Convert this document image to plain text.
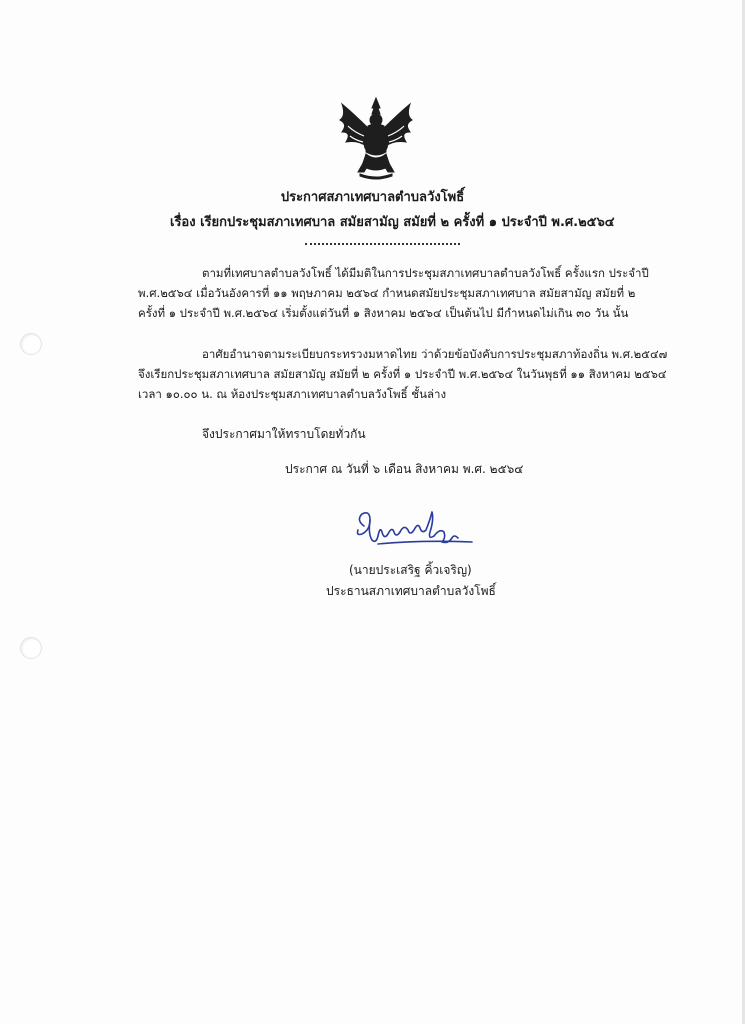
ประกาศสภาเทศบาลตำบลวังโพธิ์
เรื่อง เรียกประชุมสภาเทศบาล สมัยสามัญ สมัยที่ ๒ ครั้งที่ ๑ ประจำปี พ.ศ.๒๕๖๔
ตามที่เทศบาลตำบลวังโพธิ์ ได้มีมติในการประชุมสภาเทศบาลตำบลวังโพธิ์ ครั้งแรก ประจำปี
พ.ศ.๒๕๖๔ เมื่อวันอังคารที่ ๑๑ พฤษภาคม ๒๕๖๔ กำหนดสมัยประชุมสภาเทศบาล สมัยสามัญ สมัยที่ ๒
ครั้งที่ ๑ ประจำปี พ.ศ.๒๕๖๔ เริ่มตั้งแต่วันที่ ๑ สิงหาคม ๒๕๖๔ เป็นต้นไป มีกำหนดไม่เกิน ๓๐ วัน นั้น
อาศัยอำนาจตามระเบียบกระทรวงมหาดไทย ว่าด้วยข้อบังคับการประชุมสภาท้องถิ่น พ.ศ.๒๕๔๗
จึงเรียกประชุมสภาเทศบาล สมัยสามัญ สมัยที่ ๒ ครั้งที่ ๑ ประจำปี พ.ศ.๒๕๖๔ ในวันพุธที่ ๑๑ สิงหาคม ๒๕๖๔
เวลา ๑๐.๐๐ น. ณ ห้องประชุมสภาเทศบาลตำบลวังโพธิ์ ชั้นล่าง
จึงประกาศมาให้ทราบโดยทั่วกัน
ประกาศ ณ วันที่ ๖ เดือน สิงหาคม พ.ศ. ๒๕๖๔
(นายประเสริฐ คิ้วเจริญ)
ประธานสภาเทศบาลตำบลวังโพธิ์
